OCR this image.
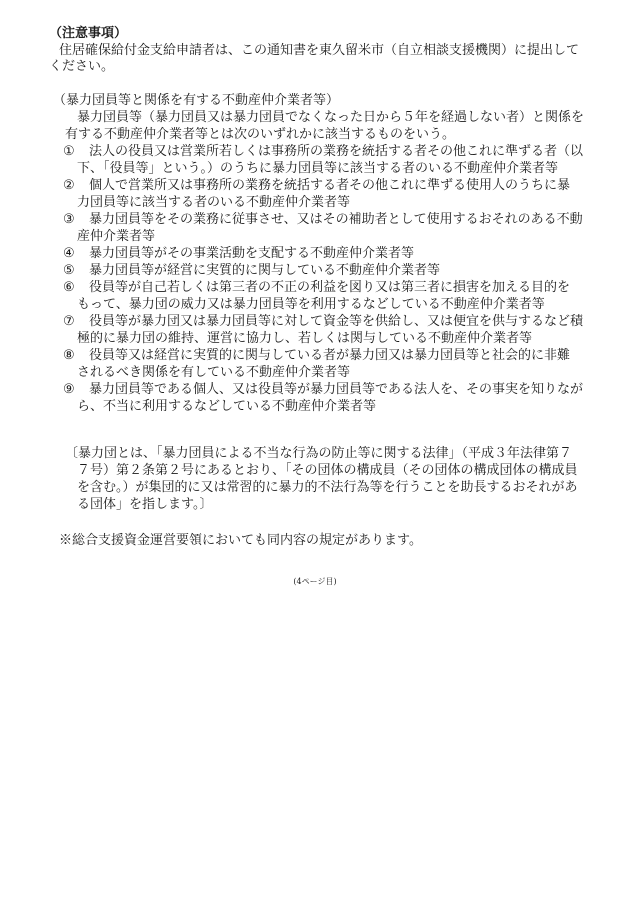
（注意事項）
住居確保給付金支給申請者は、この通知書を東久留米市（自立相談支援機関）に提出して
ください。
（暴力団員等と関係を有する不動産仲介業者等）
暴力団員等（暴力団員又は暴力団員でなくなった日から５年を経過しない者）と関係を
有する不動産仲介業者等とは次のいずれかに該当するものをいう。
① 法人の役員又は営業所若しくは事務所の業務を統括する者その他これに準ずる者（以
下、「役員等」という。）のうちに暴力団員等に該当する者のいる不動産仲介業者等
② 個人で営業所又は事務所の業務を統括する者その他これに準ずる使用人のうちに暴
力団員等に該当する者のいる不動産仲介業者等
③ 暴力団員等をその業務に従事させ、又はその補助者として使用するおそれのある不動
産仲介業者等
④ 暴力団員等がその事業活動を支配する不動産仲介業者等
⑤ 暴力団員等が経営に実質的に関与している不動産仲介業者等
⑥ 役員等が自己若しくは第三者の不正の利益を図り又は第三者に損害を加える目的を
もって、暴力団の威力又は暴力団員等を利用するなどしている不動産仲介業者等
⑦ 役員等が暴力団又は暴力団員等に対して資金等を供給し、又は便宜を供与するなど積
極的に暴力団の維持、運営に協力し、若しくは関与している不動産仲介業者等
⑧ 役員等又は経営に実質的に関与している者が暴力団又は暴力団員等と社会的に非難
されるべき関係を有している不動産仲介業者等
⑨ 暴力団員等である個人、又は役員等が暴力団員等である法人を、その事実を知りなが
ら、不当に利用するなどしている不動産仲介業者等
〔暴力団とは、「暴力団員による不当な行為の防止等に関する法律」（平成３年法律第７
７号）第２条第２号にあるとおり、「その団体の構成員（その団体の構成団体の構成員
を含む。）が集団的に又は常習的に暴力的不法行為等を行うことを助長するおそれがあ
る団体」を指します。〕
※総合支援資金運営要領においても同内容の規定があります。
(4ページ目)
